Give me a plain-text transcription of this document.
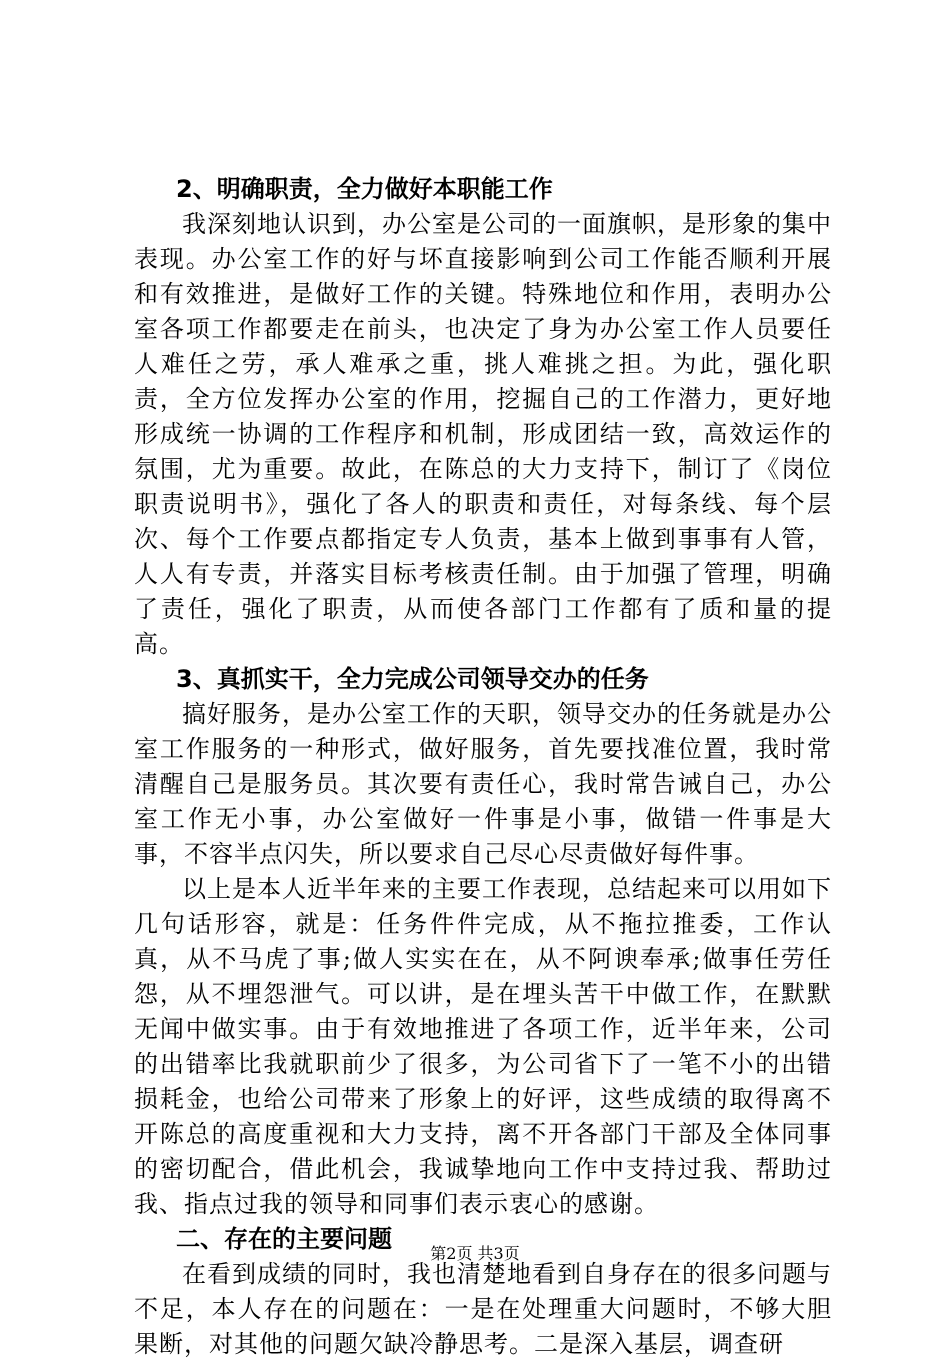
2、明确职责，全力做好本职能工作

我深刻地认识到，办公室是公司的一面旗帜，是形象的集中表现。办公室工作的好与坏直接影响到公司工作能否顺利开展和有效推进，是做好工作的关键。特殊地位和作用，表明办公室各项工作都要走在前头，也决定了身为办公室工作人员要任人难任之劳，承人难承之重，挑人难挑之担。为此，强化职责，全方位发挥办公室的作用，挖掘自己的工作潜力，更好地形成统一协调的工作程序和机制，形成团结一致，高效运作的氛围，尤为重要。故此，在陈总的大力支持下，制订了《岗位职责说明书》，强化了各人的职责和责任，对每条线、每个层次、每个工作要点都指定专人负责，基本上做到事事有人管，人人有专责，并落实目标考核责任制。由于加强了管理，明确了责任，强化了职责，从而使各部门工作都有了质和量的提高。

3、真抓实干，全力完成公司领导交办的任务

搞好服务，是办公室工作的天职，领导交办的任务就是办公室工作服务的一种形式，做好服务，首先要找准位置，我时常清醒自己是服务员。其次要有责任心，我时常告诫自己，办公室工作无小事，办公室做好一件事是小事，做错一件事是大事，不容半点闪失，所以要求自己尽心尽责做好每件事。

以上是本人近半年来的主要工作表现，总结起来可以用如下几句话形容，就是：任务件件完成，从不拖拉推委，工作认真，从不马虎了事;做人实实在在，从不阿谀奉承;做事任劳任怨，从不埋怨泄气。可以讲，是在埋头苦干中做工作，在默默无闻中做实事。由于有效地推进了各项工作，近半年来，公司的出错率比我就职前少了很多，为公司省下了一笔不小的出错损耗金，也给公司带来了形象上的好评，这些成绩的取得离不开陈总的高度重视和大力支持，离不开各部门干部及全体同事的密切配合，借此机会，我诚挚地向工作中支持过我、帮助过我、指点过我的领导和同事们表示衷心的感谢。

二、存在的主要问题

在看到成绩的同时，我也清楚地看到自身存在的很多问题与不足，本人存在的问题在：一是在处理重大问题时，不够大胆果断，对其他的问题欠缺冷静思考。二是深入基层，调查研

第2页 共3页
